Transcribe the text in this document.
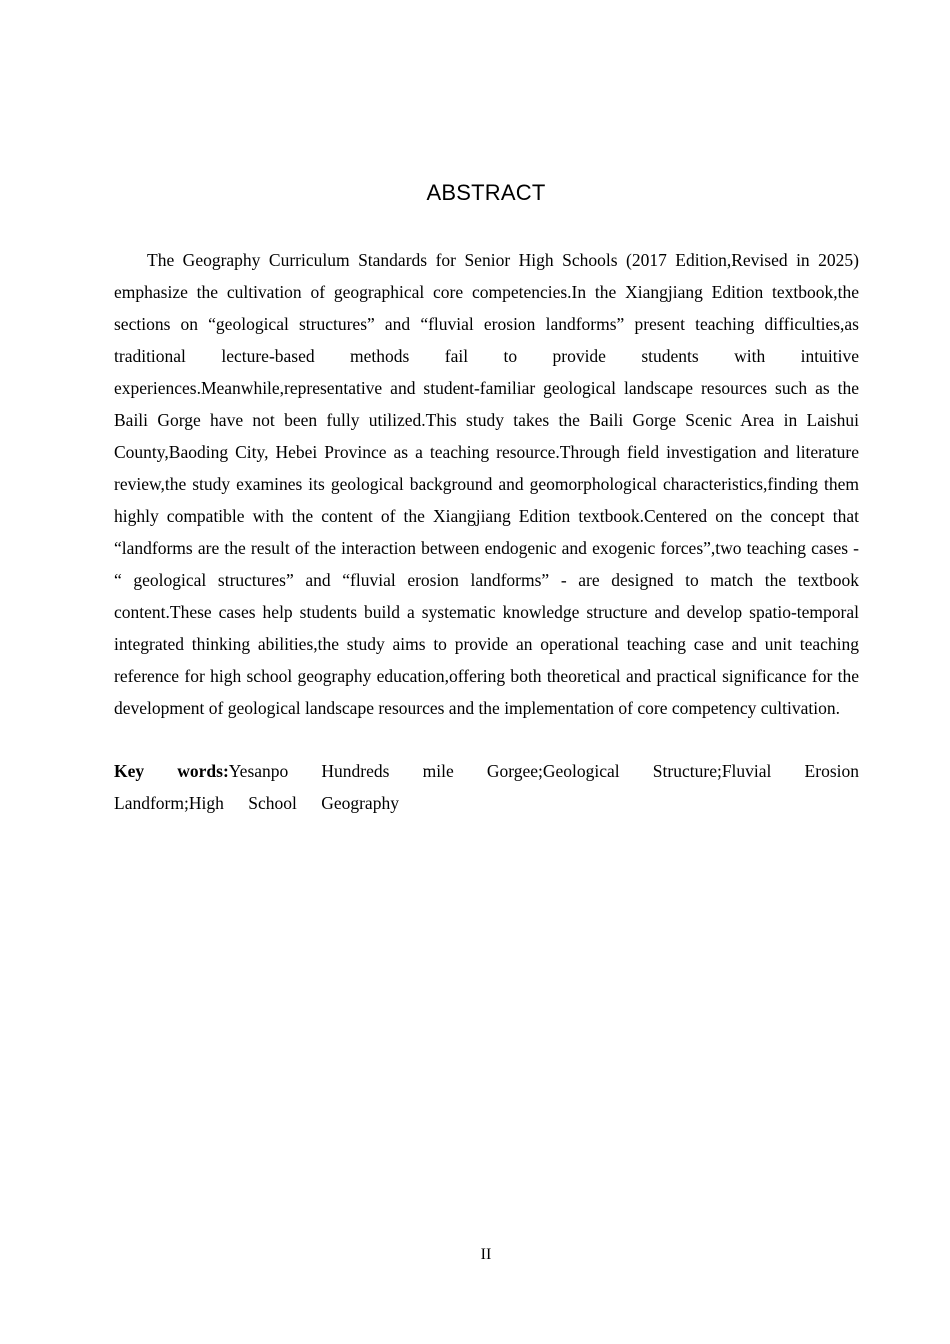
ABSTRACT

The Geography Curriculum Standards for Senior High Schools (2017 Edition,Revised in 2025) emphasize the cultivation of geographical core competencies.In the Xiangjiang Edition textbook,the sections on “geological structures” and “fluvial erosion landforms” present teaching difficulties,as traditional lecture-based methods fail to provide students with intuitive experiences.Meanwhile,representative and student-familiar geological landscape resources such as the Baili Gorge have not been fully utilized.This study takes the Baili Gorge Scenic Area in Laishui County,Baoding City, Hebei Province as a teaching resource.Through field investigation and literature review,the study examines its geological background and geomorphological characteristics,finding them highly compatible with the content of the Xiangjiang Edition textbook.Centered on the concept that “landforms are the result of the interaction between endogenic and exogenic forces”,two teaching cases - “ geological structures” and “fluvial erosion landforms” - are designed to match the textbook content.These cases help students build a systematic knowledge structure and develop spatio-temporal integrated thinking abilities,the study aims to provide an operational teaching case and unit teaching reference for high school geography education,offering both theoretical and practical significance for the development of geological landscape resources and the implementation of core competency cultivation.

Key words:Yesanpo Hundreds mile Gorgee;Geological Structure;Fluvial Erosion Landform;High School Geography

II
